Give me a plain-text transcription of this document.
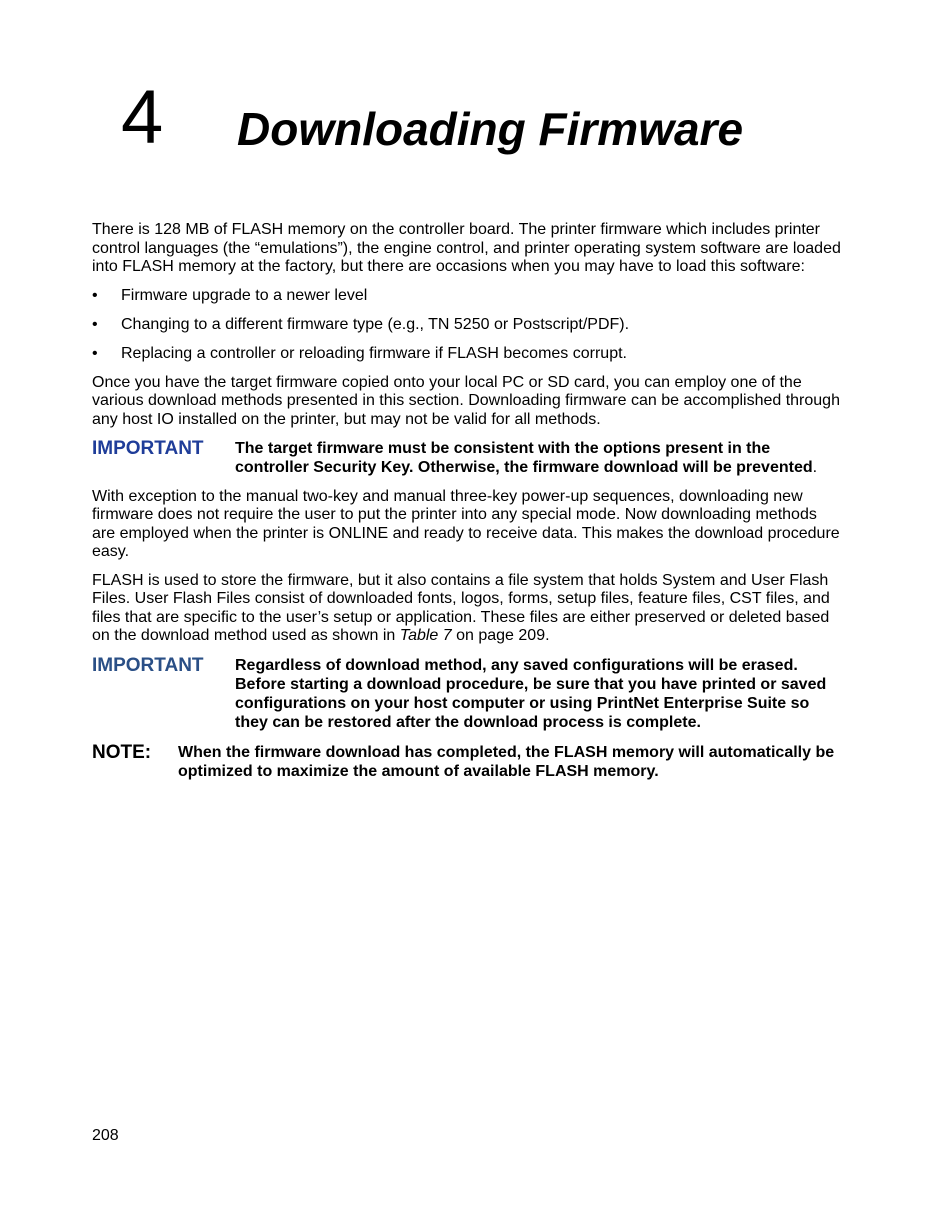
4 Downloading Firmware

There is 128 MB of FLASH memory on the controller board. The printer firmware which includes printer control languages (the “emulations”), the engine control, and printer operating system software are loaded into FLASH memory at the factory, but there are occasions when you may have to load this software:

• Firmware upgrade to a newer level
• Changing to a different firmware type (e.g., TN 5250 or Postscript/PDF).
• Replacing a controller or reloading firmware if FLASH becomes corrupt.

Once you have the target firmware copied onto your local PC or SD card, you can employ one of the various download methods presented in this section. Downloading firmware can be accomplished through any host IO installed on the printer, but may not be valid for all methods.

IMPORTANT	The target firmware must be consistent with the options present in the controller Security Key. Otherwise, the firmware download will be prevented.

With exception to the manual two-key and manual three-key power-up sequences, downloading new firmware does not require the user to put the printer into any special mode. Now downloading methods are employed when the printer is ONLINE and ready to receive data. This makes the download procedure easy.

FLASH is used to store the firmware, but it also contains a file system that holds System and User Flash Files. User Flash Files consist of downloaded fonts, logos, forms, setup files, feature files, CST files, and files that are specific to the user’s setup or application. These files are either preserved or deleted based on the download method used as shown in Table 7 on page 209.

IMPORTANT	Regardless of download method, any saved configurations will be erased. Before starting a download procedure, be sure that you have printed or saved configurations on your host computer or using PrintNet Enterprise Suite so they can be restored after the download process is complete.
NOTE:	When the firmware download has completed, the FLASH memory will automatically be optimized to maximize the amount of available FLASH memory.
208
